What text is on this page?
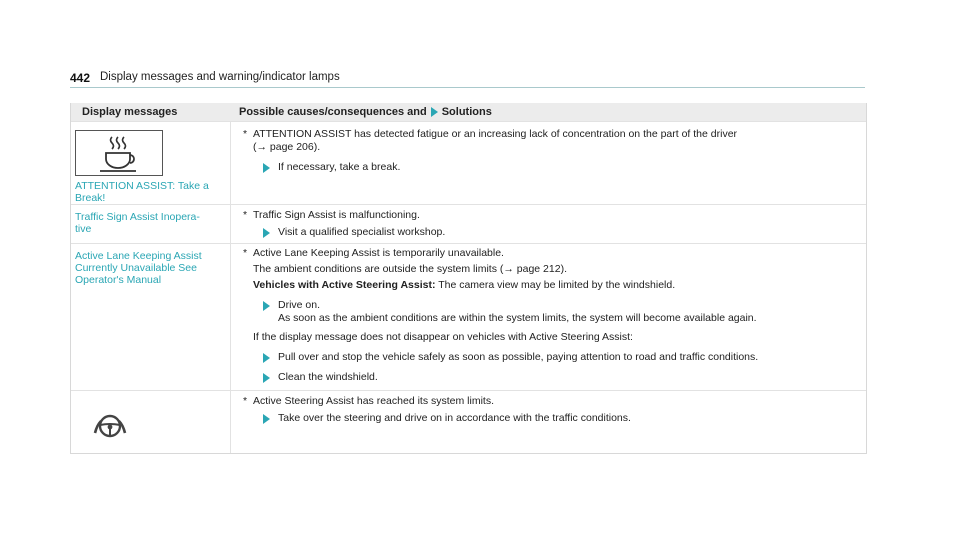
442 Display messages and warning/indicator lamps
Display messages	Possible causes/consequences and Solutions
ATTENTION ASSIST: Take a Break!
* ATTENTION ASSIST has detected fatigue or an increasing lack of concentration on the part of the driver
(→ page 206).
If necessary, take a break.
Traffic Sign Assist Inopera-tive
* Traffic Sign Assist is malfunctioning.
Visit a qualified specialist workshop.
Active Lane Keeping Assist Currently Unavailable See Operator's Manual
* Active Lane Keeping Assist is temporarily unavailable.
The ambient conditions are outside the system limits (→ page 212).
Vehicles with Active Steering Assist: The camera view may be limited by the windshield.
Drive on.
As soon as the ambient conditions are within the system limits, the system will become available again.
If the display message does not disappear on vehicles with Active Steering Assist:
Pull over and stop the vehicle safely as soon as possible, paying attention to road and traffic conditions.
Clean the windshield.
* Active Steering Assist has reached its system limits.
Take over the steering and drive on in accordance with the traffic conditions.
